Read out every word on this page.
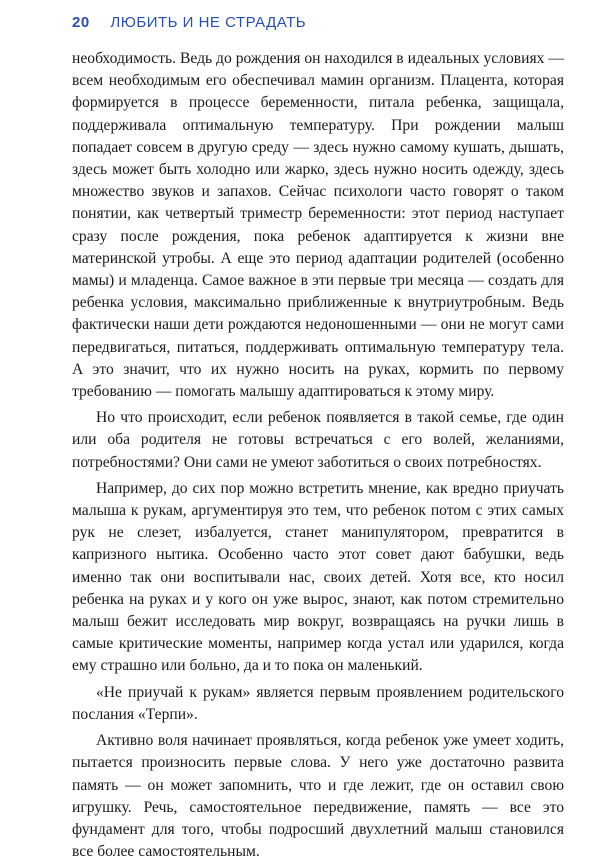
20 ЛЮБИТЬ И НЕ СТРАДАТЬ

необходимость. Ведь до рождения он находился в идеальных условиях — всем необходимым его обеспечивал мамин организм. Плацента, которая формируется в процессе беременности, питала ребенка, защищала, поддерживала оптимальную температуру. При рождении малыш попадает совсем в другую среду — здесь нужно самому кушать, дышать, здесь может быть холодно или жарко, здесь нужно носить одежду, здесь множество звуков и запахов. Сейчас психологи часто говорят о таком понятии, как четвертый триместр беременности: этот период наступает сразу после рождения, пока ребенок адаптируется к жизни вне материнской утробы. А еще это период адаптации родителей (особенно мамы) и младенца. Самое важное в эти первые три месяца — создать для ребенка условия, максимально приближенные к внутриутробным. Ведь фактически наши дети рождаются недоношенными — они не могут сами передвигаться, питаться, поддерживать оптимальную температуру тела. А это значит, что их нужно носить на руках, кормить по первому требованию — помогать малышу адаптироваться к этому миру.

Но что происходит, если ребенок появляется в такой семье, где один или оба родителя не готовы встречаться с его волей, желаниями, потребностями? Они сами не умеют заботиться о своих потребностях.

Например, до сих пор можно встретить мнение, как вредно приучать малыша к рукам, аргументируя это тем, что ребенок потом с этих самых рук не слезет, избалуется, станет манипулятором, превратится в капризного нытика. Особенно часто этот совет дают бабушки, ведь именно так они воспитывали нас, своих детей. Хотя все, кто носил ребенка на руках и у кого он уже вырос, знают, как потом стремительно малыш бежит исследовать мир вокруг, возвращаясь на ручки лишь в самые критические моменты, например когда устал или ударился, когда ему страшно или больно, да и то пока он маленький.

«Не приучай к рукам» является первым проявлением родительского послания «Терпи».

Активно воля начинает проявляться, когда ребенок уже умеет ходить, пытается произносить первые слова. У него уже достаточно развита память — он может запомнить, что и где лежит, где он оставил свою игрушку. Речь, самостоятельное передвижение, память — все это фундамент для того, чтобы подросший двухлетний малыш становился все более самостоятельным.
